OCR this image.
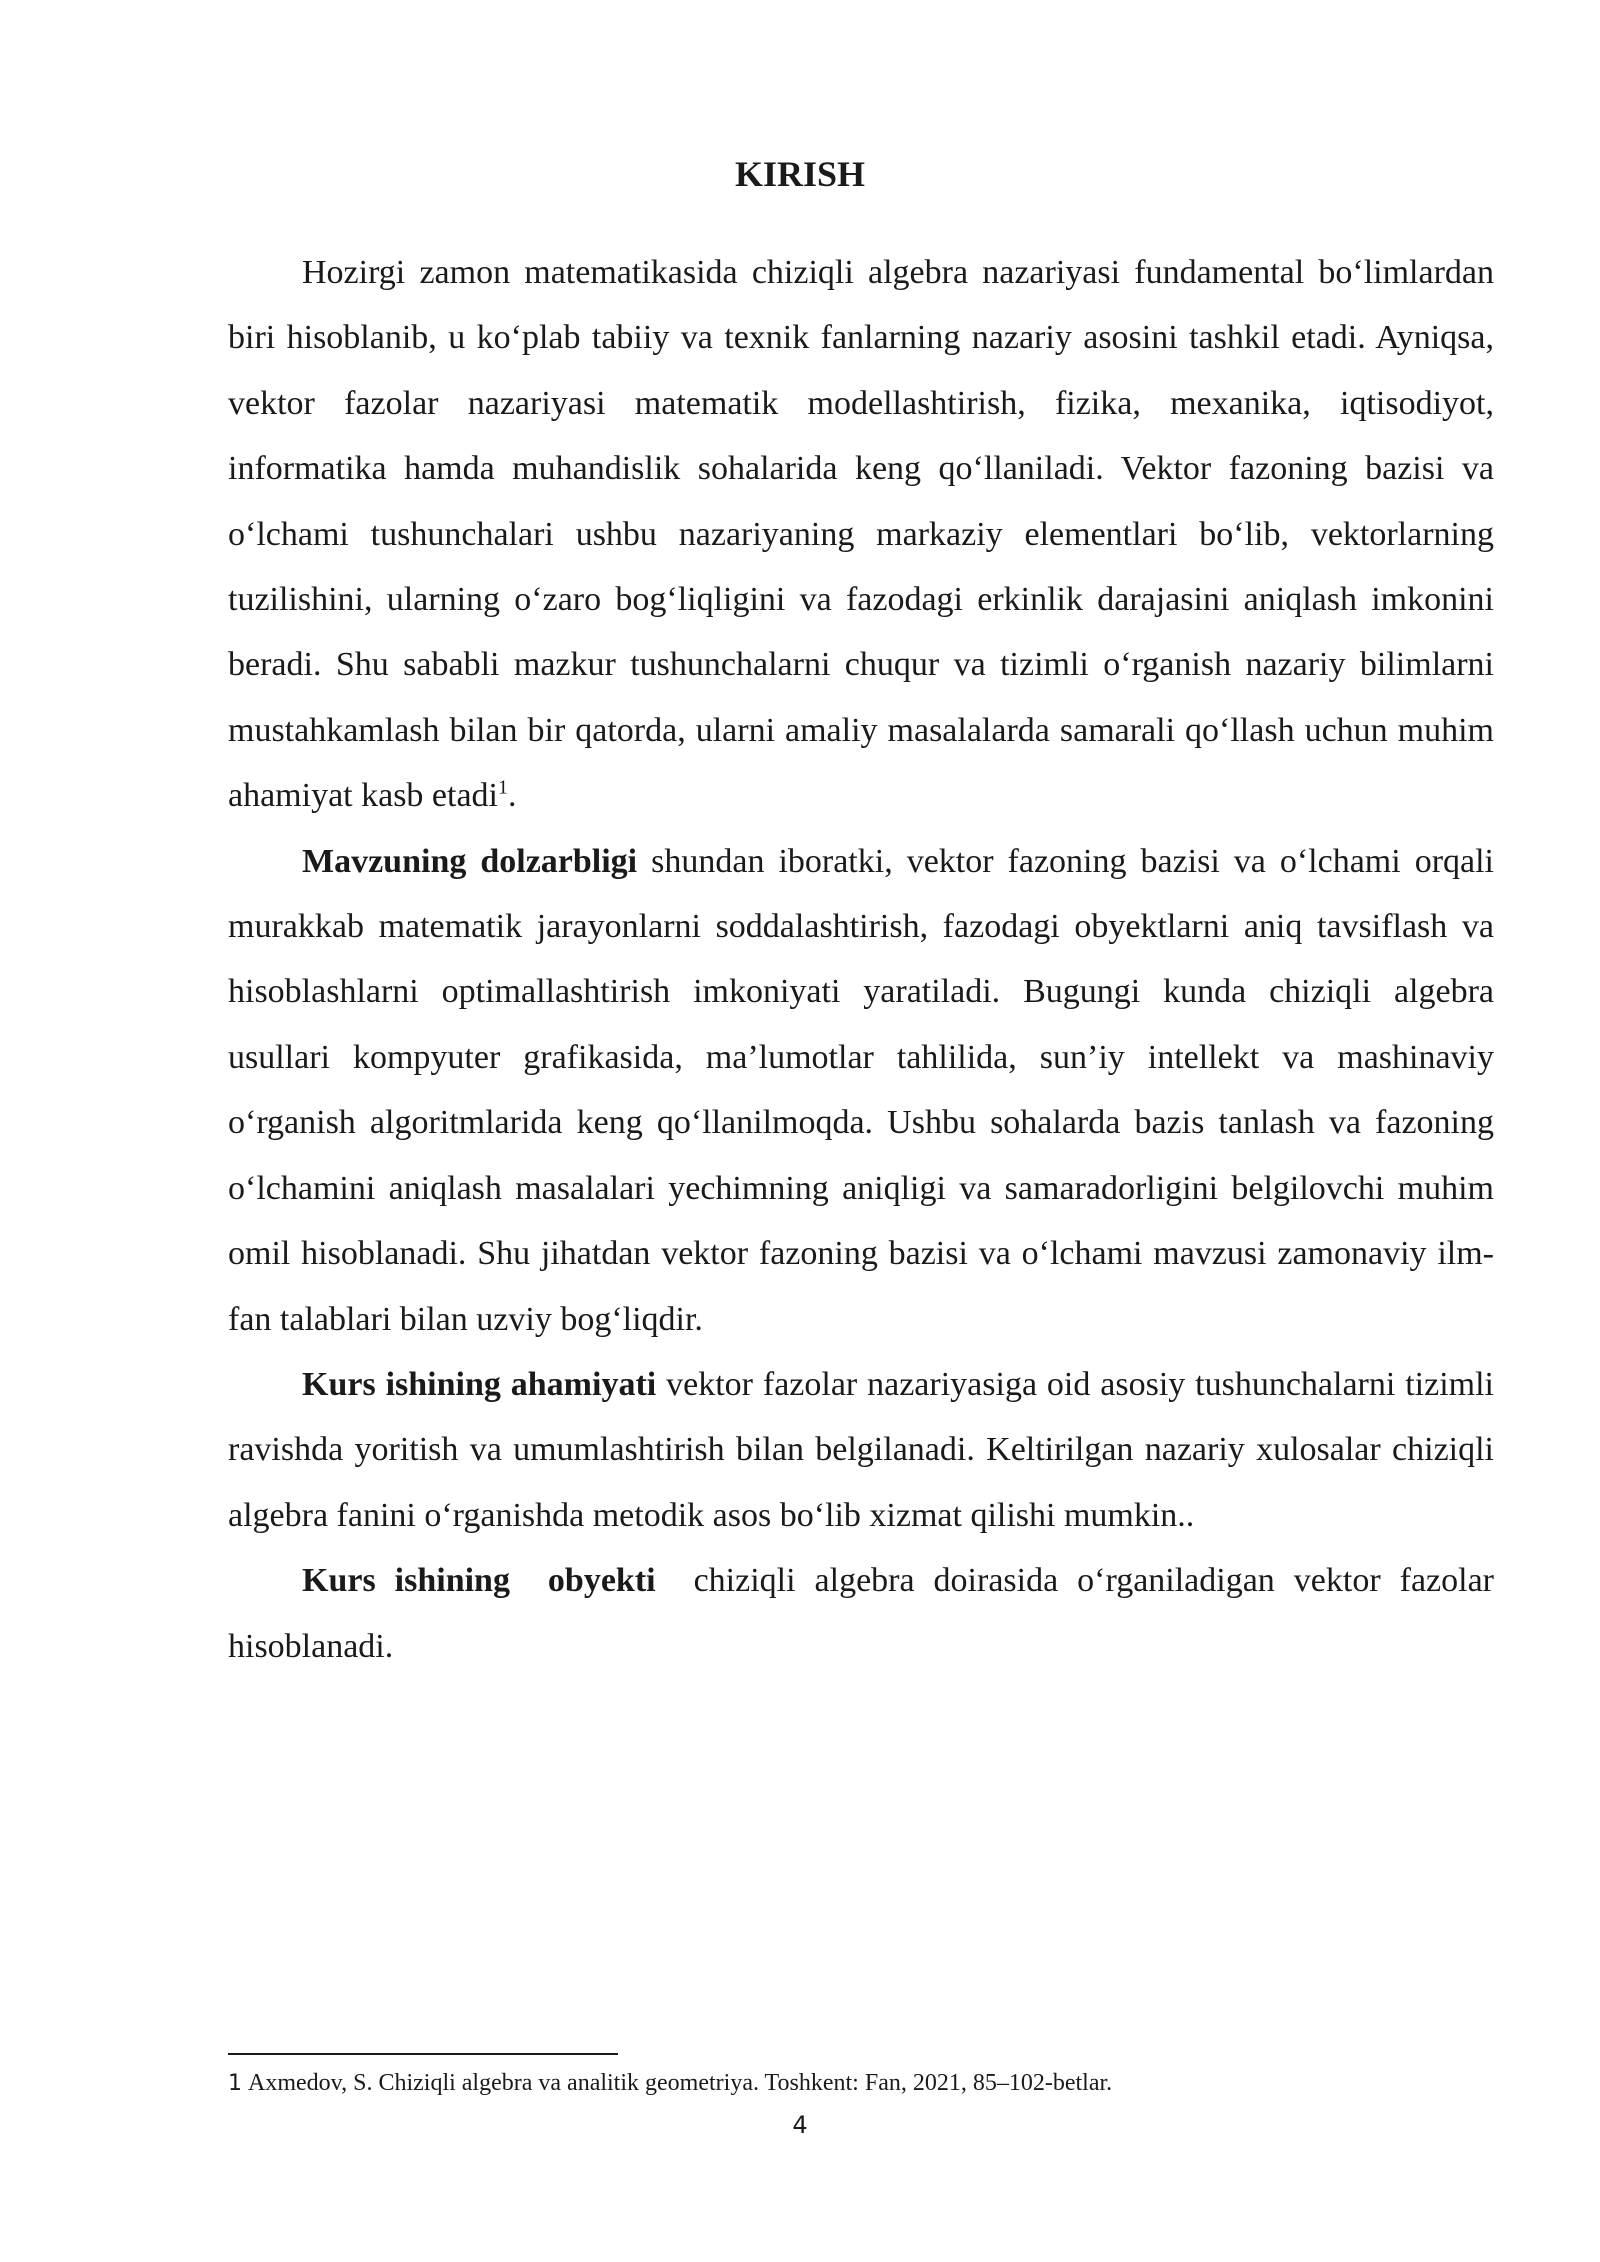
KIRISH

Hozirgi zamon matematikasida chiziqli algebra nazariyasi fundamental bo‘limlardan biri hisoblanib, u ko‘plab tabiiy va texnik fanlarning nazariy asosini tashkil etadi. Ayniqsa, vektor fazolar nazariyasi matematik modellashtirish, fizika, mexanika, iqtisodiyot, informatika hamda muhandislik sohalarida keng qo‘llaniladi. Vektor fazoning bazisi va o‘lchami tushunchalari ushbu nazariyaning markaziy elementlari bo‘lib, vektorlarning tuzilishini, ularning o‘zaro bog‘liqligini va fazodagi erkinlik darajasini aniqlash imkonini beradi. Shu sababli mazkur tushunchalarni chuqur va tizimli o‘rganish nazariy bilimlarni mustahkamlash bilan bir qatorda, ularni amaliy masalalarda samarali qo‘llash uchun muhim ahamiyat kasb etadi$^1$.

Mavzuning dolzarbligi shundan iboratki, vektor fazoning bazisi va o‘lchami orqali murakkab matematik jarayonlarni soddalashtirish, fazodagi obyektlarni aniq tavsiflash va hisoblashlarni optimallashtirish imkoniyati yaratiladi. Bugungi kunda chiziqli algebra usullari kompyuter grafikasida, ma’lumotlar tahlilida, sun’iy intellekt va mashinaviy o‘rganish algoritmlarida keng qo‘llanilmoqda. Ushbu sohalarda bazis tanlash va fazoning o‘lchamini aniqlash masalalari yechimning aniqligi va samaradorligini belgilovchi muhim omil hisoblanadi. Shu jihatdan vektor fazoning bazisi va o‘lchami mavzusi zamonaviy ilm-fan talablari bilan uzviy bog‘liqdir.

Kurs ishining ahamiyati vektor fazolar nazariyasiga oid asosiy tushunchalarni tizimli ravishda yoritish va umumlashtirish bilan belgilanadi. Keltirilgan nazariy xulosalar chiziqli algebra fanini o‘rganishda metodik asos bo‘lib xizmat qilishi mumkin..

Kurs ishining  obyekti  chiziqli algebra doirasida o‘rganiladigan vektor fazolar hisoblanadi.

1 Axmedov, S. Chiziqli algebra va analitik geometriya. Toshkent: Fan, 2021, 85–102-betlar.

4
